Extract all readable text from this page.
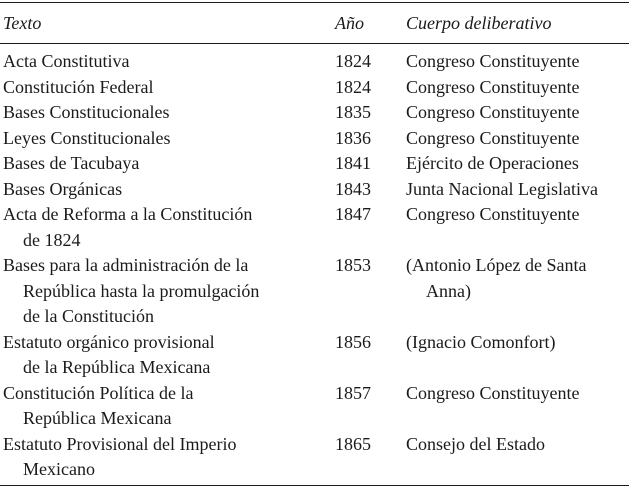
Texto	Año	Cuerpo deliberativo
Acta Constitutiva	1824	Congreso Constituyente
Constitución Federal	1824	Congreso Constituyente
Bases Constitucionales	1835	Congreso Constituyente
Leyes Constitucionales	1836	Congreso Constituyente
Bases de Tacubaya	1841	Ejército de Operaciones
Bases Orgánicas	1843	Junta Nacional Legislativa
Acta de Reforma a la Constitución
de 1824
1847	Congreso Constituyente
Bases para la administración de la
República hasta la promulgación
de la Constitución
1853	(Antonio López de Santa
Anna)
Estatuto orgánico provisional
de la República Mexicana
1856	(Ignacio Comonfort)
Constitución Política de la
República Mexicana
1857	Congreso Constituyente
Estatuto Provisional del Imperio
Mexicano
1865	Consejo del Estado
